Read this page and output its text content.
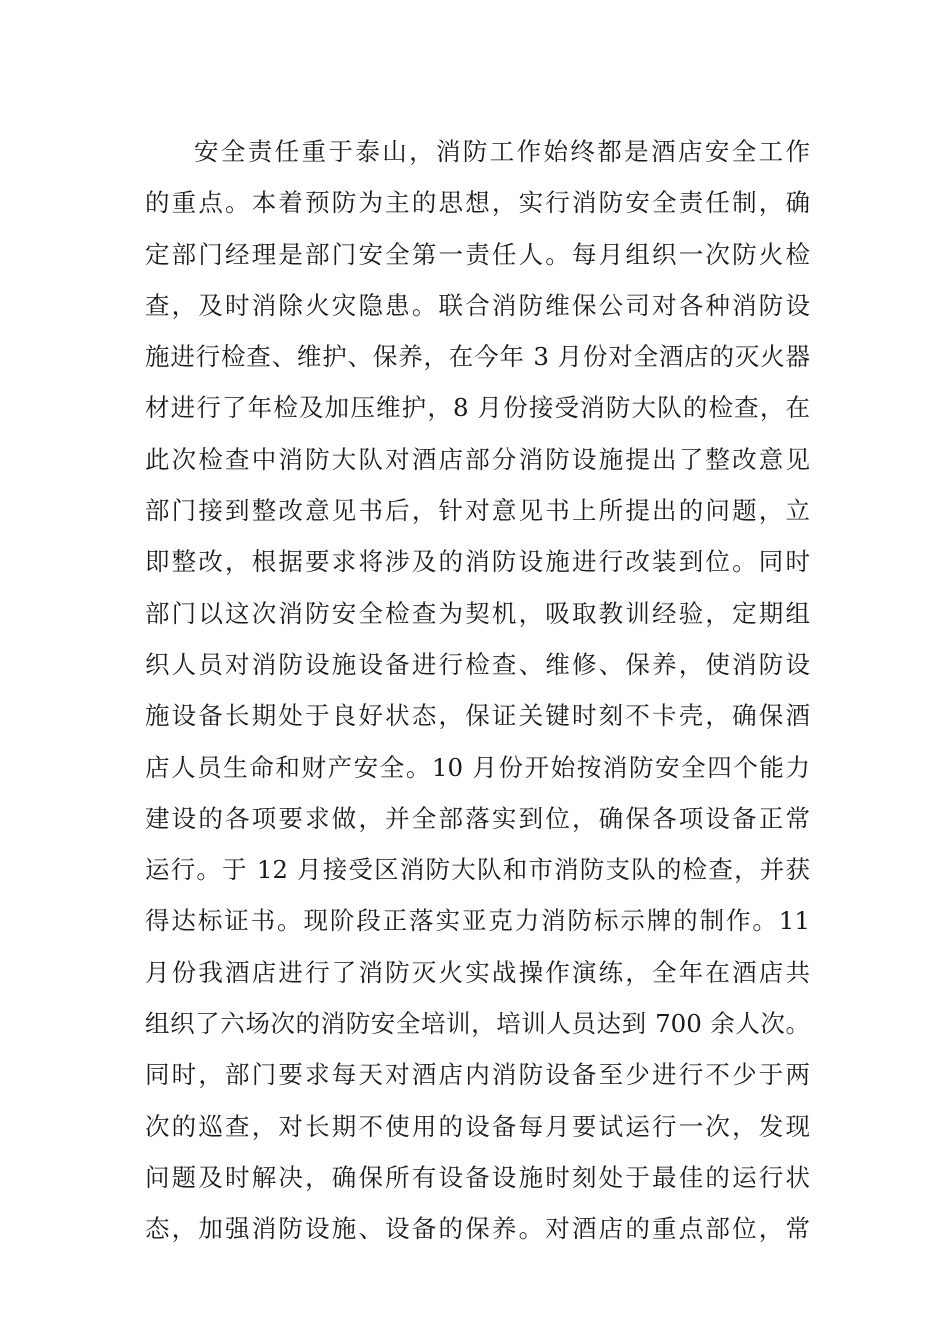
安全责任重于泰山，消防工作始终都是酒店安全工作
的重点。本着预防为主的思想，实行消防安全责任制，确
定部门经理是部门安全第一责任人。每月组织一次防火检
查，及时消除火灾隐患。联合消防维保公司对各种消防设
施进行检查、维护、保养，在今年 3 月份对全酒店的灭火器
材进行了年检及加压维护，8 月份接受消防大队的检查，在
此次检查中消防大队对酒店部分消防设施提出了整改意见
部门接到整改意见书后，针对意见书上所提出的问题，立
即整改，根据要求将涉及的消防设施进行改装到位。同时
部门以这次消防安全检查为契机，吸取教训经验，定期组
织人员对消防设施设备进行检查、维修、保养，使消防设
施设备长期处于良好状态，保证关键时刻不卡壳，确保酒
店人员生命和财产安全。10 月份开始按消防安全四个能力
建设的各项要求做，并全部落实到位，确保各项设备正常
运行。于 12 月接受区消防大队和市消防支队的检查，并获
得达标证书。现阶段正落实亚克力消防标示牌的制作。11
月份我酒店进行了消防灭火实战操作演练，全年在酒店共
组织了六场次的消防安全培训，培训人员达到 700 余人次。
同时，部门要求每天对酒店内消防设备至少进行不少于两
次的巡查，对长期不使用的设备每月要试运行一次，发现
问题及时解决，确保所有设备设施时刻处于最佳的运行状
态，加强消防设施、设备的保养。对酒店的重点部位，常
